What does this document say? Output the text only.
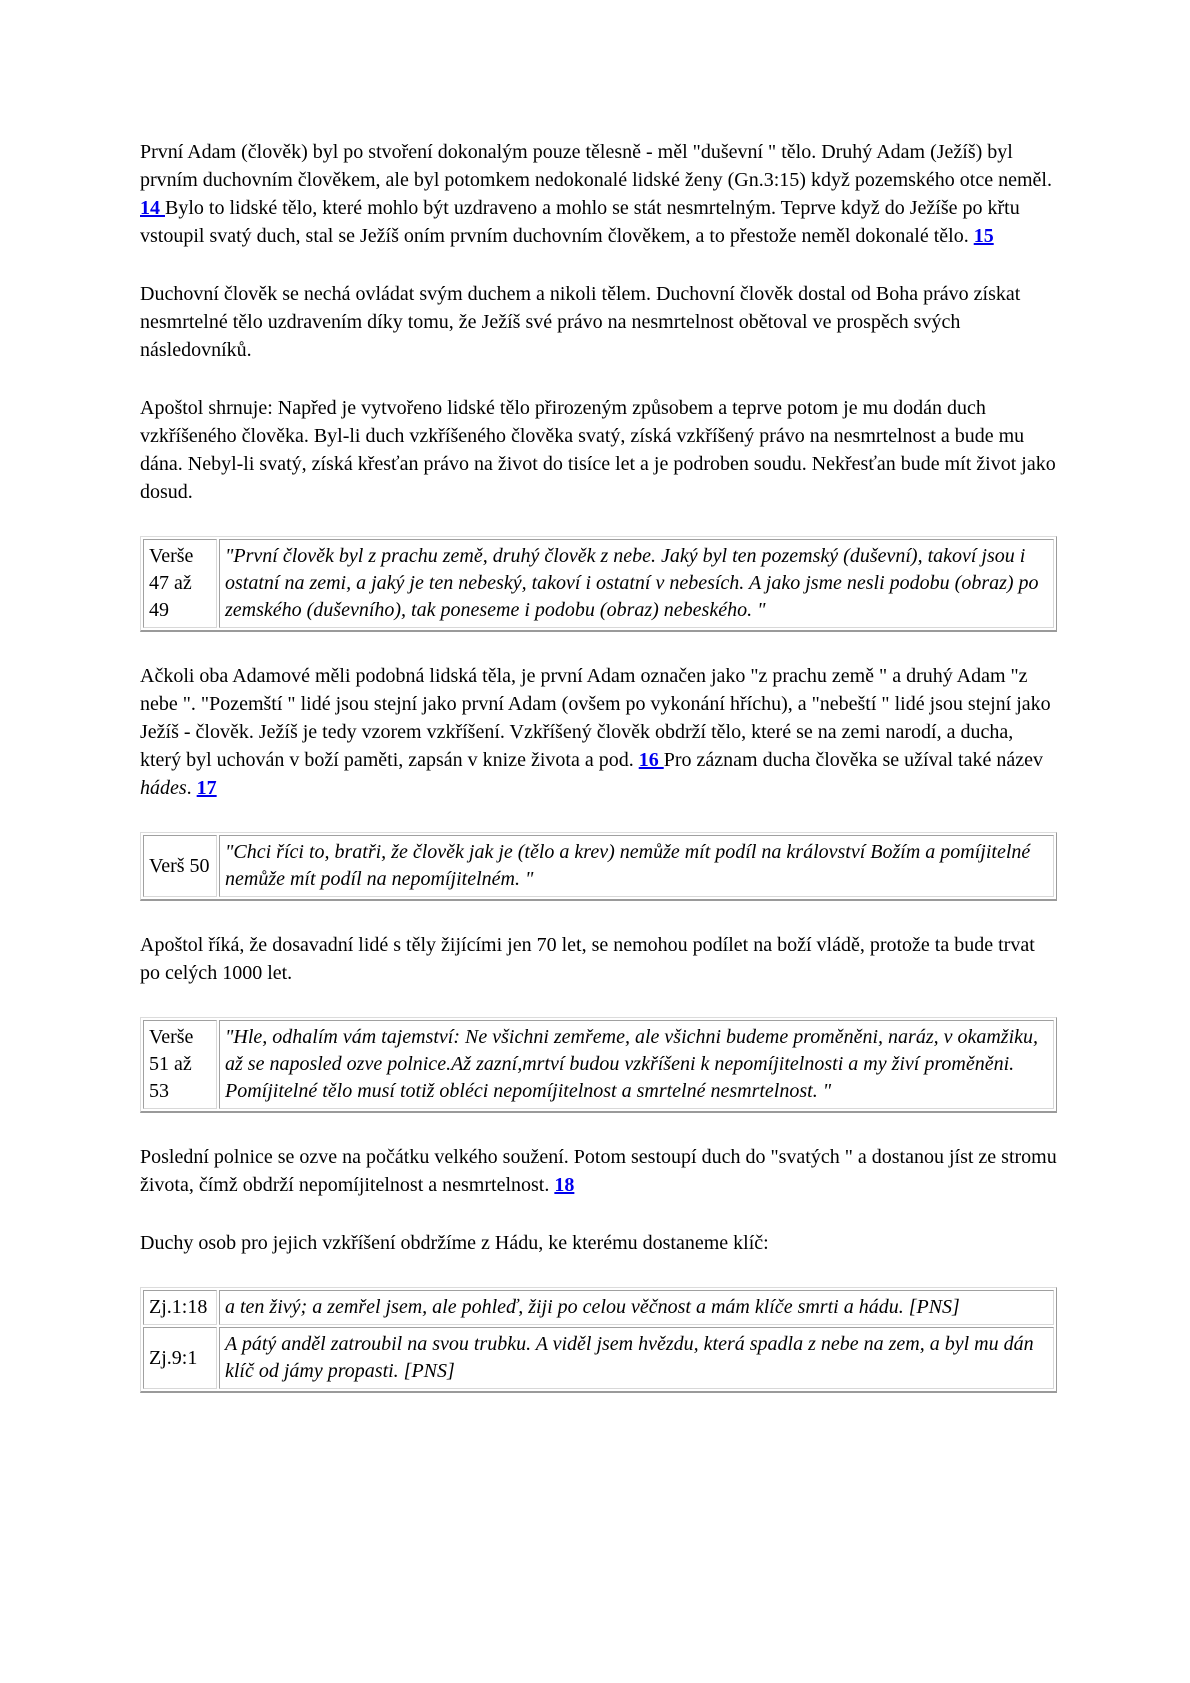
První Adam (člověk) byl po stvoření dokonalým pouze tělesně - měl "duševní " tělo. Druhý Adam (Ježíš) byl prvním duchovním člověkem, ale byl potomkem nedokonalé lidské ženy (Gn.3:15) když pozemského otce neměl. 14 Bylo to lidské tělo, které mohlo být uzdraveno a mohlo se stát nesmrtelným. Teprve když do Ježíše po křtu vstoupil svatý duch, stal se Ježíš oním prvním duchovním člověkem, a to přestože neměl dokonalé tělo. 15

Duchovní člověk se nechá ovládat svým duchem a nikoli tělem. Duchovní člověk dostal od Boha právo získat nesmrtelné tělo uzdravením díky tomu, že Ježíš své právo na nesmrtelnost obětoval ve prospěch svých následovníků.

Apoštol shrnuje: Napřed je vytvořeno lidské tělo přirozeným způsobem a teprve potom je mu dodán duch vzkříšeného člověka. Byl-li duch vzkříšeného člověka svatý, získá vzkříšený právo na nesmrtelnost a bude mu dána. Nebyl-li svatý, získá křesťan právo na život do tisíce let a je podroben soudu. Nekřesťan bude mít život jako dosud.

Verše 47 až 49	"První člověk byl z prachu země, druhý člověk z nebe. Jaký byl ten pozemský (duševní), takoví jsou i ostatní na zemi, a jaký je ten nebeský, takoví i ostatní v nebesích. A jako jsme nesli podobu (obraz) po zemského (duševního), tak poneseme i podobu (obraz) nebeského. "

Ačkoli oba Adamové měli podobná lidská těla, je první Adam označen jako "z prachu země " a druhý Adam "z nebe ". "Pozemští " lidé jsou stejní jako první Adam (ovšem po vykonání hříchu), a "nebeští " lidé jsou stejní jako Ježíš - člověk. Ježíš je tedy vzorem vzkříšení. Vzkříšený člověk obdrží tělo, které se na zemi narodí, a ducha, který byl uchován v boží paměti, zapsán v knize života a pod. 16 Pro záznam ducha člověka se užíval také název hádes. 17

Verš 50	"Chci říci to, bratři, že člověk jak je (tělo a krev) nemůže mít podíl na království Božím a pomíjitelné nemůže mít podíl na nepomíjitelném. "

Apoštol říká, že dosavadní lidé s těly žijícími jen 70 let, se nemohou podílet na boží vládě, protože ta bude trvat po celých 1000 let.

Verše 51 až 53	"Hle, odhalím vám tajemství: Ne všichni zemřeme, ale všichni budeme proměněni, naráz, v okamžiku, až se naposled ozve polnice.Až zazní,mrtví budou vzkříšeni k nepomíjitelnosti a my živí proměněni. Pomíjitelné tělo musí totiž obléci nepomíjitelnost a smrtelné nesmrtelnost. "

Poslední polnice se ozve na počátku velkého soužení. Potom sestoupí duch do "svatých " a dostanou jíst ze stromu života, čímž obdrží nepomíjitelnost a nesmrtelnost. 18

Duchy osob pro jejich vzkříšení obdržíme z Hádu, ke kterému dostaneme klíč:

Zj.1:18	a ten živý; a zemřel jsem, ale pohleď, žiji po celou věčnost a mám klíče smrti a hádu. [PNS]
Zj.9:1	A pátý anděl zatroubil na svou trubku. A viděl jsem hvězdu, která spadla z nebe na zem, a byl mu dán klíč od jámy propasti. [PNS]
